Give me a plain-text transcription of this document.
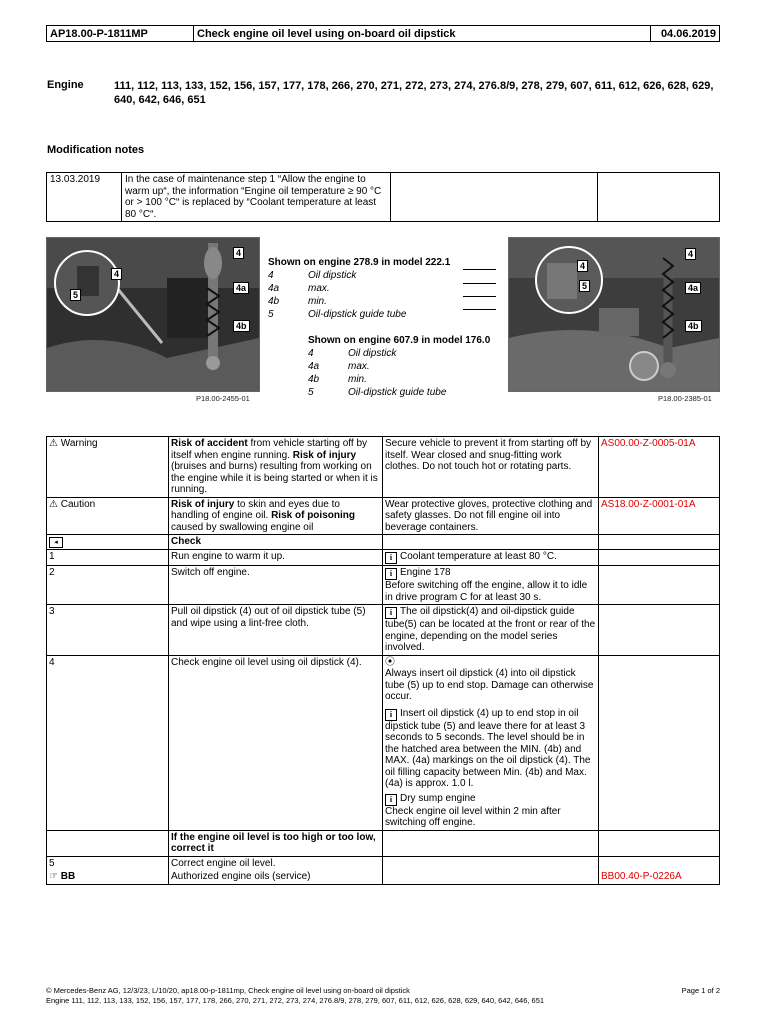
AP18.00-P-1811MP	Check engine oil level using on-board oil dipstick	04.06.2019
Engine	111, 112, 113, 133, 152, 156, 157, 177, 178, 266, 270, 271, 272, 273, 274, 276.8/9, 278, 279, 607, 611, 612, 626, 628, 629, 640, 642, 646, 651
Modification notes
13.03.2019	In the case of maintenance step 1 “Allow the engine to warm up“, the information “Engine oil temperature ≥ 90 °C or > 100 °C“ is replaced by “Coolant temperature at least 80 °C“.		
4
4
5
4a
4b
P18.00-2455-01
Shown on engine 278.9 in model 222.1
4	Oil dipstick
4a	max.
4b	min.
5	Oil-dipstick guide tube
Shown on engine 607.9 in model 176.0
4	Oil dipstick
4a	max.
4b	min.
5	Oil-dipstick guide tube
4
4
5	4a
4b
P18.00-2385-01
⚠ Warning	Risk of accident from vehicle starting off by itself when engine running. Risk of injury (bruises and burns) resulting from working on the engine while it is being started or when it is running.	Secure vehicle to prevent it from starting off by itself. Wear closed and snug-fitting work clothes. Do not touch hot or rotating parts.	AS00.00-Z-0005-01A
⚠ Caution	Risk of injury to skin and eyes due to handling of engine oil. Risk of poisoning caused by swallowing engine oil	Wear protective gloves, protective clothing and safety glasses. Do not fill engine oil into beverage containers.	AS18.00-Z-0001-01A
◂	Check		
1	Run engine to warm it up.	i Coolant temperature at least 80 °C.	
2	Switch off engine.	i Engine 178
Before switching off the engine, allow it to idle in drive program C for at least 30 s.	
3	Pull oil dipstick (4) out of oil dipstick tube (5) and wipe using a lint-free cloth.	i The oil dipstick(4) and oil-dipstick guide tube(5) can be located at the front or rear of the engine, depending on the model series involved.	
4	Check engine oil level using oil dipstick (4).	⦿
Always insert oil dipstick (4) into oil dipstick tube (5) up to end stop. Damage can otherwise occur.
i Insert oil dipstick (4) up to end stop in oil dipstick tube (5) and leave there for at least 3 seconds to 5 seconds. The level should be in the hatched area between the MIN. (4b) and MAX. (4a) markings on the oil dipstick (4). The oil filling capacity between Min. (4b) and Max. (4a) is approx. 1.0 l.
i Dry sump engine
Check engine oil level within 2 min after switching off engine.	

	If the engine oil level is too high or too low, correct it		
5	Correct engine oil level.		
☞ BB	Authorized engine oils (service)		BB00.40-P-0226A
© Mercedes-Benz AG, 12/3/23, L/10/20, ap18.00-p-1811mp, Check engine oil level using on-board oil dipstick
Engine 111, 112, 113, 133, 152, 156, 157, 177, 178, 266, 270, 271, 272, 273, 274, 276.8/9, 278, 279, 607, 611, 612, 626, 628, 629, 640, 642, 646, 651
Page 1 of 2
